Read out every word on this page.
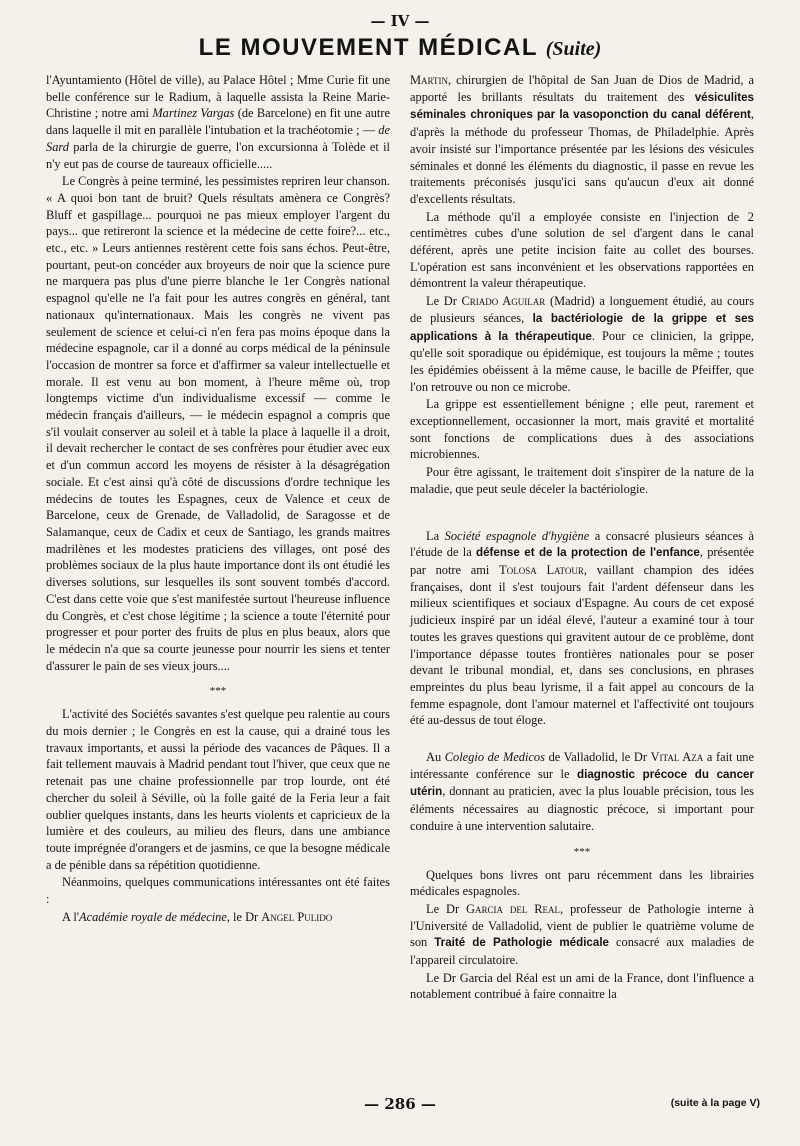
— IV —
LE MOUVEMENT MÉDICAL (Suite)

l'Ayuntamiento (Hôtel de ville), au Palace Hôtel ; Mme Curie fit une belle conférence sur le Radium, à laquelle assista la Reine Marie-Christine ; notre ami Martinez Vargas (de Barcelone) en fit une autre dans laquelle il mit en parallèle l'intubation et la trachéotomie ; — de Sard parla de la chirurgie de guerre, l'on excursionna à Tolède et il n'y eut pas de course de taureaux officielle.....

Le Congrès à peine terminé, les pessimistes repriren leur chanson. « A quoi bon tant de bruit? Quels résultats amènera ce Congrès? Bluff et gaspillage... pourquoi ne pas mieux employer l'argent du pays... que retireront la science et la médecine de cette foire?... etc., etc., etc. » Leurs antiennes restèrent cette fois sans échos. Peut-être, pourtant, peut-on concéder aux broyeurs de noir que la science pure ne marquera pas plus d'une pierre blanche le 1er Congrès national espagnol qu'elle ne l'a fait pour les autres congrès en général, tant nationaux qu'internationaux. Mais les congrès ne vivent pas seulement de science et celui-ci n'en fera pas moins époque dans la médecine espagnole, car il a donné au corps médical de la péninsule l'occasion de montrer sa force et d'affirmer sa valeur intellectuelle et morale. Il est venu au bon moment, à l'heure même où, trop longtemps victime d'un individualisme excessif — comme le médecin français d'ailleurs, — le médecin espagnol a compris que s'il voulait conserver au soleil et à table la place à laquelle il a droit, il devait rechercher le contact de ses confrères pour étudier avec eux et d'un commun accord les moyens de résister à la désagrégation sociale. Et c'est ainsi qu'à côté de discussions d'ordre technique les médecins de toutes les Espagnes, ceux de Valence et ceux de Barcelone, ceux de Grenade, de Valladolid, de Saragosse et de Salamanque, ceux de Cadix et ceux de Santiago, les grands maitres madrilènes et les modestes praticiens des villages, ont posé des problèmes sociaux de la plus haute importance dont ils ont étudié les diverses solutions, sur lesquelles ils sont souvent tombés d'accord. C'est dans cette voie que s'est manifestée surtout l'heureuse influence du Congrès, et c'est chose légitime ; la science a toute l'éternité pour progresser et pour porter des fruits de plus en plus beaux, alors que le médecin n'a que sa courte jeunesse pour nourrir les siens et tenter d'assurer le pain de ses vieux jours....

***

L'activité des Sociétés savantes s'est quelque peu ralentie au cours du mois dernier ; le Congrès en est la cause, qui a drainé tous les travaux importants, et aussi la période des vacances de Pâques. Il a fait tellement mauvais à Madrid pendant tout l'hiver, que ceux que ne retenait pas une chaine professionnelle par trop lourde, ont été chercher du soleil à Séville, où la folle gaité de la Feria leur a fait oublier quelques instants, dans les heurts violents et capricieux de la lumière et des couleurs, au milieu des fleurs, dans une ambiance toute imprégnée d'orangers et de jasmins, ce que la besogne médicale a de pénible dans sa répétition quotidienne.

Néanmoins, quelques communications intéressantes ont été faites :

A l'Académie royale de médecine, le Dr Angel Pulido

Martin, chirurgien de l'hôpital de San Juan de Dios de Madrid, a apporté les brillants résultats du traitement des vésiculites séminales chroniques par la vasoponction du canal déférent, d'après la méthode du professeur Thomas, de Philadelphie. Après avoir insisté sur l'importance présentée par les lésions des vésicules séminales et donné les éléments du diagnostic, il passe en revue les traitements préconisés jusqu'ici sans qu'aucun d'eux ait donné d'excellents résultats.

La méthode qu'il a employée consiste en l'injection de 2 centimètres cubes d'une solution de sel d'argent dans le canal déférent, après une petite incision faite au collet des bourses. L'opération est sans inconvénient et les observations rapportées en démontrent la valeur thérapeutique.

Le Dr Criado Aguilar (Madrid) a longuement étudié, au cours de plusieurs séances, la bactériologie de la grippe et ses applications à la thérapeutique. Pour ce clinicien, la grippe, qu'elle soit sporadique ou épidémique, est toujours la même ; toutes les épidémies obéissent à la même cause, le bacille de Pfeiffer, que l'on retrouve ou non ce microbe.

La grippe est essentiellement bénigne ; elle peut, rarement et exceptionnellement, occasionner la mort, mais gravité et mortalité sont fonctions de complications dues à des associations microbiennes.

Pour être agissant, le traitement doit s'inspirer de la nature de la maladie, que peut seule déceler la bactériologie.

La Société espagnole d'hygiène a consacré plusieurs séances à l'étude de la défense et de la protection de l'enfance, présentée par notre ami Tolosa Latour, vaillant champion des idées françaises, dont il s'est toujours fait l'ardent défenseur dans les milieux scientifiques et sociaux d'Espagne. Au cours de cet exposé judicieux inspiré par un idéal élevé, l'auteur a examiné tour à tour toutes les graves questions qui gravitent autour de ce problème, dont l'importance dépasse toutes frontières nationales pour se poser devant le tribunal mondial, et, dans ses conclusions, en phrases empreintes du plus beau lyrisme, il a fait appel au concours de la femme espagnole, dont l'amour maternel et l'affectivité ont toujours été au-dessus de tout éloge.

Au Colegio de Medicos de Valladolid, le Dr Vital Aza a fait une intéressante conférence sur le diagnostic précoce du cancer utérin, donnant au praticien, avec la plus louable précision, tous les éléments nécessaires au diagnostic précoce, si important pour conduire à une intervention salutaire.

***

Quelques bons livres ont paru récemment dans les librairies médicales espagnoles.

Le Dr Garcia del Real, professeur de Pathologie interne à l'Université de Valladolid, vient de publier le quatrième volume de son Traité de Pathologie médicale consacré aux maladies de l'appareil circulatoire.

Le Dr Garcia del Réal est un ami de la France, dont l'influence a notablement contribué à faire connaitre la

— 286 —	(suite à la page V)
